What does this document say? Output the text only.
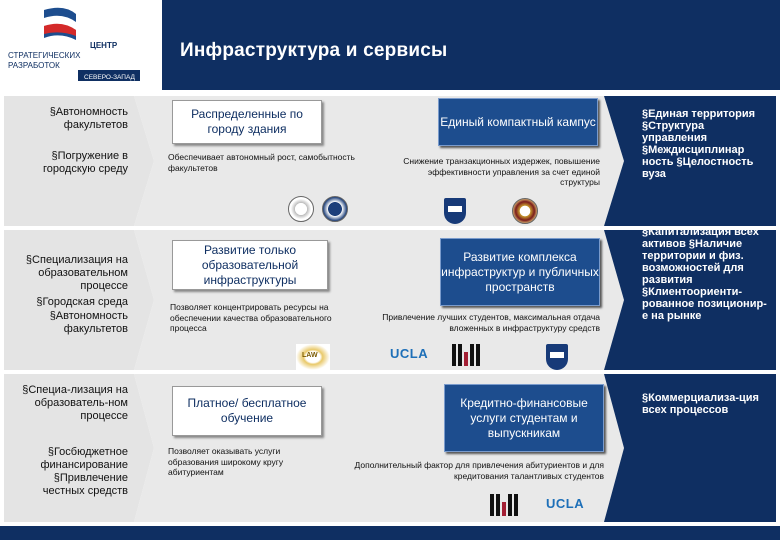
ЦЕНТР
СТРАТЕГИЧЕСКИХ
РАЗРАБОТОК
СЕВЕРО-ЗАПАД
Инфраструктура и сервисы
§Автономность факультетов
§Погружение в городскую среду
Распределенные по городу здания
Обеспечивает автономный рост, самобытность факультетов
Единый компактный кампус
Снижение транзакционных издержек, повышение эффективности управления за счет единой структуры
§Единая территория §Структура управления §Междисциплинар ность §Целостность вуза
§Специализация на образовательном процессе
§Городская среда
§Автономность факультетов
Развитие только образовательной инфраструктуры
Позволяет концентрировать ресурсы на обеспечении качества образовательного процесса
LAW
Развитие комплекса инфраструктур и публичных пространств
Привлечение лучших студентов, максимальная отдача вложенных в инфраструктуру средств
UCLA
§Капитализация всех активов §Наличие территории и физ. возможностей для развития §Клиентоориенти-рованное позиционир-е на рынке
§Специа-лизация на образователь-ном процессе
§Госбюджетное финансирование
§Привлечение честных средств
Платное/ бесплатное обучение
Позволяет оказывать услуги образования широкому кругу абитуриентам
Кредитно-финансовые услуги студентам и выпускникам
Дополнительный фактор для привлечения абитуриентов и для кредитования талантливых студентов
UCLA
§Коммерциализа-ция всех процессов
